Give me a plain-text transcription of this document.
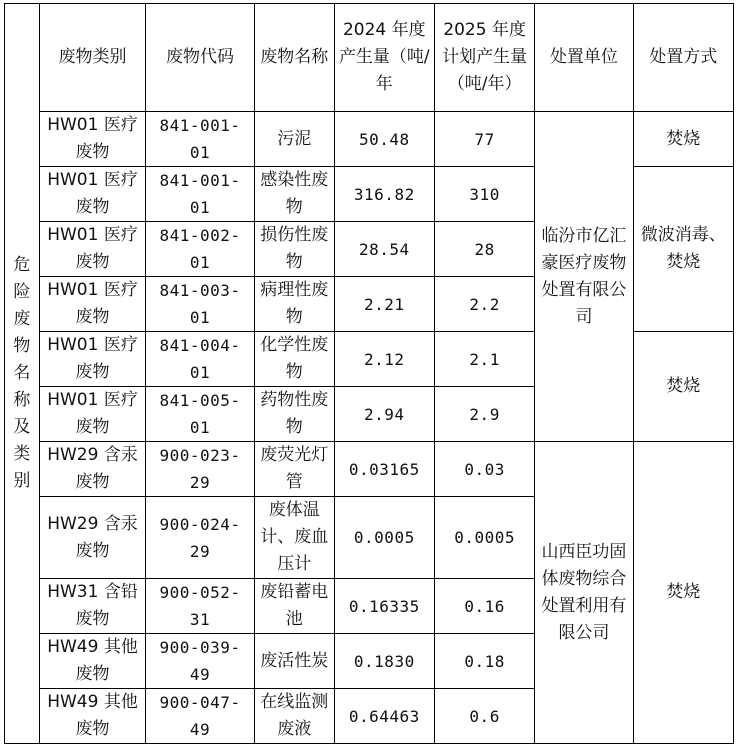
危险废物名称及类别	废物类别	废物代码	废物名称	2024 年度产生量（吨/年	2025 年度计划产生量（吨/年）	处置单位	处置方式
	HW01 医疗废物	841-001-01	污泥	50.48	77	临汾市亿汇豪医疗废物处置有限公司	焚烧
	HW01 医疗废物	841-001-01	感染性废物	316.82	310		微波消毒、焚烧
	HW01 医疗废物	841-002-01	损伤性废物	28.54	28		
	HW01 医疗废物	841-003-01	病理性废物	2.21	2.2		
	HW01 医疗废物	841-004-01	化学性废物	2.12	2.1		焚烧
	HW01 医疗废物	841-005-01	药物性废物	2.94	2.9		
	HW29 含汞废物	900-023-29	废荧光灯管	0.03165	0.03	山西臣功固体废物综合处置利用有限公司	焚烧
	HW29 含汞废物	900-024-29	废体温计、废血压计	0.0005	0.0005		
	HW31 含铅废物	900-052-31	废铅蓄电池	0.16335	0.16		
	HW49 其他废物	900-039-49	废活性炭	0.1830	0.18		
	HW49 其他废物	900-047-49	在线监测废液	0.64463	0.6		
